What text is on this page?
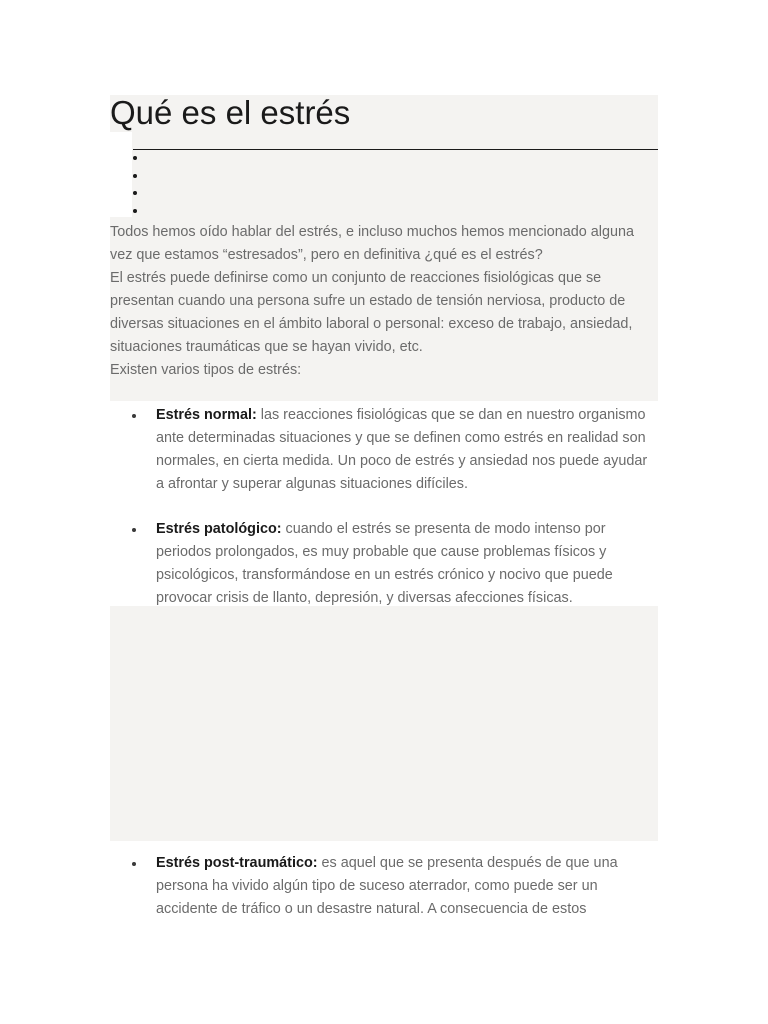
Qué es el estrés

Todos hemos oído hablar del estrés, e incluso muchos hemos mencionado alguna vez que estamos “estresados”, pero en definitiva ¿qué es el estrés?

El estrés puede definirse como un conjunto de reacciones fisiológicas que se presentan cuando una persona sufre un estado de tensión nerviosa, producto de diversas situaciones en el ámbito laboral o personal: exceso de trabajo, ansiedad, situaciones traumáticas que se hayan vivido, etc.

Existen varios tipos de estrés:

Estrés normal: las reacciones fisiológicas que se dan en nuestro organismo ante determinadas situaciones y que se definen como estrés en realidad son normales, en cierta medida. Un poco de estrés y ansiedad nos puede ayudar a afrontar y superar algunas situaciones difíciles.
Estrés patológico: cuando el estrés se presenta de modo intenso por periodos prolongados, es muy probable que cause problemas físicos y psicológicos, transformándose en un estrés crónico y nocivo que puede provocar crisis de llanto, depresión, y diversas afecciones físicas.
Estrés post-traumático: es aquel que se presenta después de que una persona ha vivido algún tipo de suceso aterrador, como puede ser un accidente de tráfico o un desastre natural. A consecuencia de estos
